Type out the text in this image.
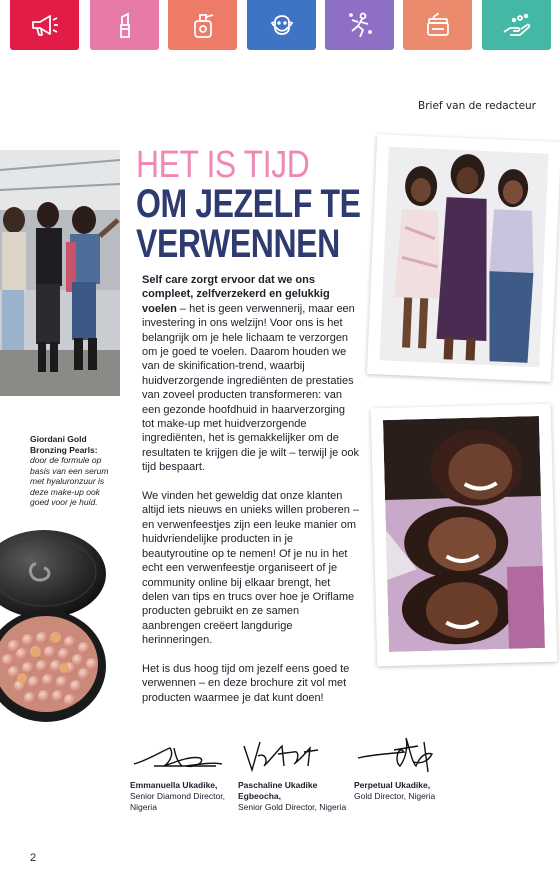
Brief van de redacteur
HET IS TIJD
OM JEZELF TE
VERWENNEN

Self care zorgt ervoor dat we ons compleet, zelfverzekerd en gelukkig voelen – het is geen verwennerij, maar een investering in ons welzijn! Voor ons is het belangrijk om je hele lichaam te verzorgen om je goed te voelen. Daarom houden we van de skinification-trend, waarbij huidverzorgende ingrediënten de prestaties van zoveel producten transformeren: van een gezonde hoofdhuid in haarverzorging tot make-up met huidverzorgende ingrediënten, het is gemakkelijker om de resultaten te krijgen die je wilt – terwijl je ook tijd bespaart.

We vinden het geweldig dat onze klanten altijd iets nieuws en unieks willen proberen – en verwenfeestjes zijn een leuke manier om huidvriendelijke producten in je beautyroutine op te nemen! Of je nu in het echt een verwenfeestje organiseert of je community online bij elkaar brengt, het delen van tips en trucs over hoe je Oriflame producten gebruikt en ze samen aanbrengen creëert langdurige herinneringen.

Het is dus hoog tijd om jezelf eens goed te verwennen – en deze brochure zit vol met producten waarmee je dat kunt doen!

Giordani Gold Bronzing Pearls:
door de formule op basis van een serum met hyaluronzuur is deze make-up ook goed voor je huid.
Emmanuella Ukadike,
Senior Diamond Director, Nigeria
Paschaline Ukadike Egbeocha,
Senior Gold Director, Nigeria
Perpetual Ukadike,
Gold Director, Nigeria
2
